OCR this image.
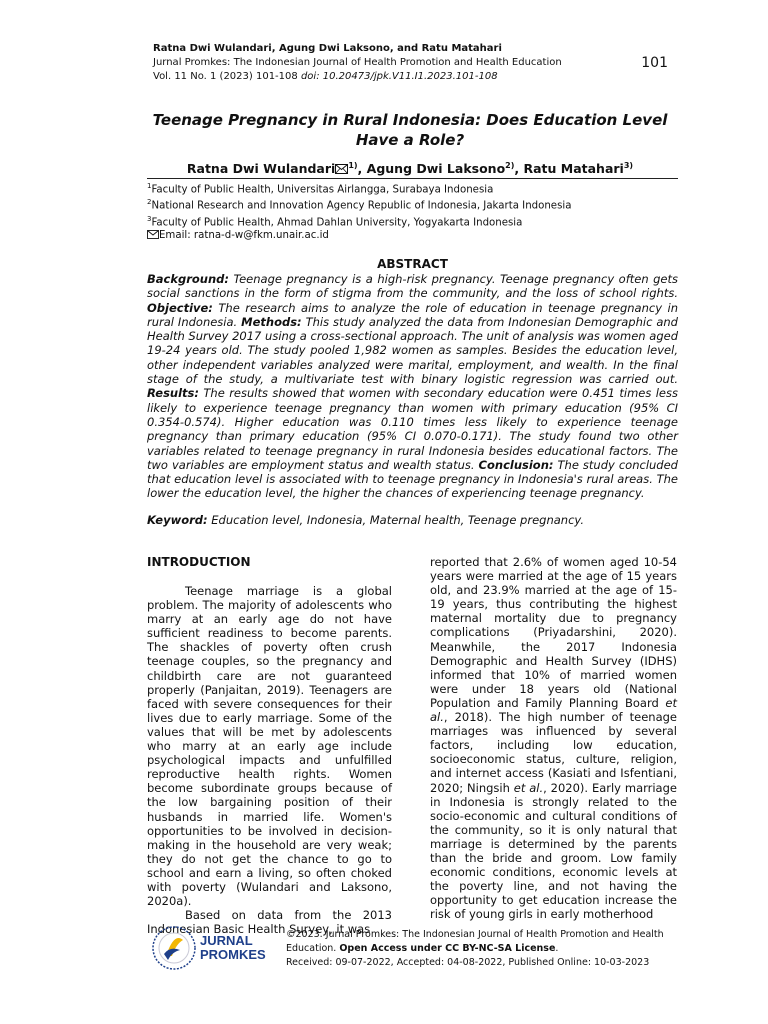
Ratna Dwi Wulandari, Agung Dwi Laksono, and Ratu Matahari
Jurnal Promkes: The Indonesian Journal of Health Promotion and Health Education
Vol. 11 No. 1 (2023) 101-108 doi: 10.20473/jpk.V11.I1.2023.101-108
101
Teenage Pregnancy in Rural Indonesia: Does Education Level Have a Role?
Ratna Dwi Wulandari $^{1)}$, Agung Dwi Laksono$^{2)}$, Ratu Matahari$^{3)}$
$^1$Faculty of Public Health, Universitas Airlangga, Surabaya Indonesia
$^2$National Research and Innovation Agency Republic of Indonesia, Jakarta Indonesia
$^3$Faculty of Public Health, Ahmad Dahlan University, Yogyakarta Indonesia
Email: ratna-d-w@fkm.unair.ac.id
ABSTRACT
Background: Teenage pregnancy is a high-risk pregnancy. Teenage pregnancy often gets social sanctions in the form of stigma from the community, and the loss of school rights. Objective: The research aims to analyze the role of education in teenage pregnancy in rural Indonesia. Methods: This study analyzed the data from Indonesian Demographic and Health Survey 2017 using a cross-sectional approach. The unit of analysis was women aged 19-24 years old. The study pooled 1,982 women as samples. Besides the education level, other independent variables analyzed were marital, employment, and wealth. In the final stage of the study, a multivariate test with binary logistic regression was carried out. Results: The results showed that women with secondary education were 0.451 times less likely to experience teenage pregnancy than women with primary education (95% CI 0.354-0.574). Higher education was 0.110 times less likely to experience teenage pregnancy than primary education (95% CI 0.070-0.171). The study found two other variables related to teenage pregnancy in rural Indonesia besides educational factors. The two variables are employment status and wealth status. Conclusion: The study concluded that education level is associated with to teenage pregnancy in Indonesia's rural areas. The lower the education level, the higher the chances of experiencing teenage pregnancy.
Keyword: Education level, Indonesia, Maternal health, Teenage pregnancy.
INTRODUCTION

Teenage marriage is a global problem. The majority of adolescents who marry at an early age do not have sufficient readiness to become parents. The shackles of poverty often crush teenage couples, so the pregnancy and childbirth care are not guaranteed properly (Panjaitan, 2019). Teenagers are faced with severe consequences for their lives due to early marriage. Some of the values that will be met by adolescents who marry at an early age include psychological impacts and unfulfilled reproductive health rights. Women become subordinate groups because of the low bargaining position of their husbands in married life. Women's opportunities to be involved in decision-making in the household are very weak; they do not get the chance to go to school and earn a living, so often choked with poverty (Wulandari and Laksono, 2020a).

Based on data from the 2013 Indonesian Basic Health Survey, it was

reported that 2.6% of women aged 10-54 years were married at the age of 15 years old, and 23.9% married at the age of 15-19 years, thus contributing the highest maternal mortality due to pregnancy complications (Priyadarshini, 2020). Meanwhile, the 2017 Indonesia Demographic and Health Survey (IDHS) informed that 10% of married women were under 18 years old (National Population and Family Planning Board et al., 2018). The high number of teenage marriages was influenced by several factors, including low education, socioeconomic status, culture, religion, and internet access (Kasiati and Isfentiani, 2020; Ningsih et al., 2020). Early marriage in Indonesia is strongly related to the socio-economic and cultural conditions of the community, so it is only natural that marriage is determined by the parents than the bride and groom. Low family economic conditions, economic levels at the poverty line, and not having the opportunity to get education increase the risk of young girls in early motherhood

JURNAL
PROMKES
©2023. Jurnal Promkes: The Indonesian Journal of Health Promotion and Health
Education. Open Access under CC BY-NC-SA License.
Received: 09-07-2022, Accepted: 04-08-2022, Published Online: 10-03-2023
